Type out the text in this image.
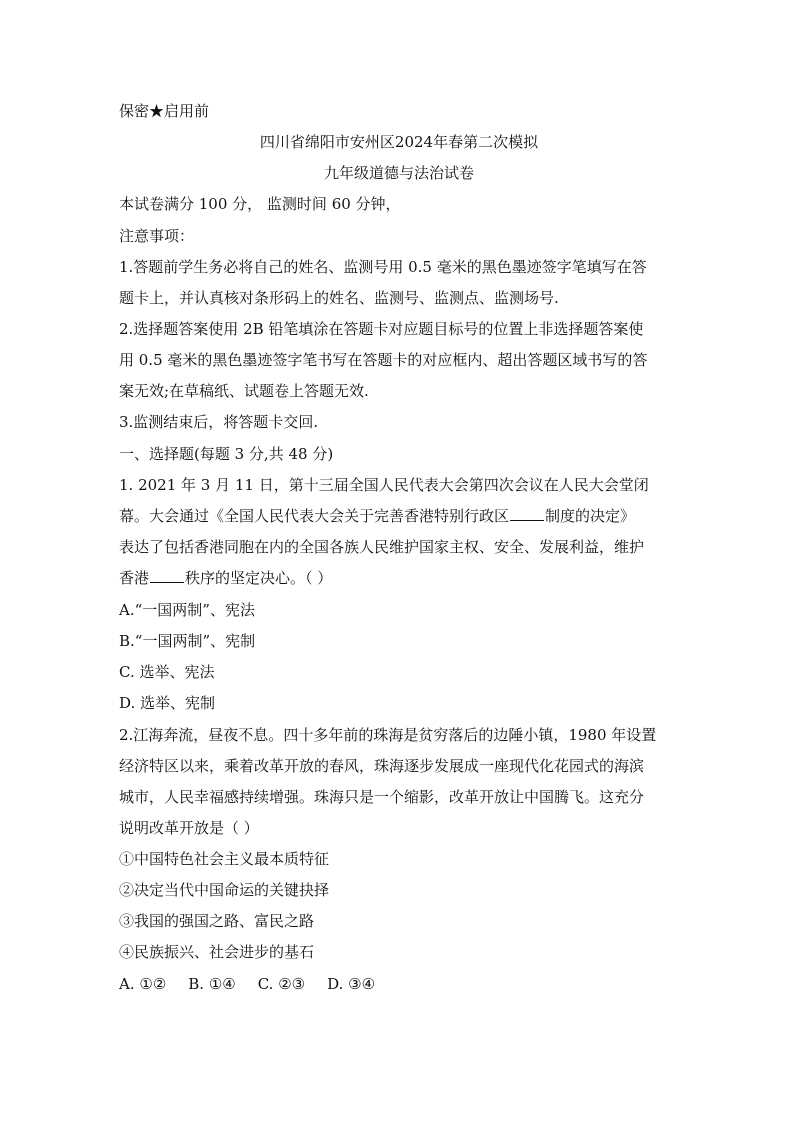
保密★启用前
四川省绵阳市安州区2024年春第二次模拟
九年级道德与法治试卷
本试卷满分 100 分， 监测时间 60 分钟，
注意事项：
1.答题前学生务必将自己的姓名、监测号用 0.5 毫米的黑色墨迹签字笔填写在答
题卡上，并认真核对条形码上的姓名、监测号、监测点、监测场号.
2.选择题答案使用 2B 铅笔填涂在答题卡对应题目标号的位置上非选择题答案使
用 0.5 毫米的黑色墨迹签字笔书写在答题卡的对应框内、超出答题区域书写的答
案无效;在草稿纸、试题卷上答题无效.
3.监测结束后，将答题卡交回.
一、选择题(每题 3 分,共 48 分)
1. 2021 年 3 月 11 日，第十三届全国人民代表大会第四次会议在人民大会堂闭
幕。大会通过《全国人民代表大会关于完善香港特别行政区 制度的决定》
表达了包括香港同胞在内的全国各族人民维护国家主权、安全、发展利益，维护
香港 秩序的坚定决心。（ ）
A.“一国两制”、宪法
B.“一国两制”、宪制
C. 选举、宪法
D. 选举、宪制
2.江海奔流，昼夜不息。四十多年前的珠海是贫穷落后的边陲小镇，1980 年设置
经济特区以来，乘着改革开放的春风，珠海逐步发展成一座现代化花园式的海滨
城市，人民幸福感持续增强。珠海只是一个缩影，改革开放让中国腾飞。这充分
说明改革开放是（ ）
①中国特色社会主义最本质特征
②决定当代中国命运的关键抉择
③我国的强国之路、富民之路
④民族振兴、社会进步的基石
A. ①② B. ①④ C. ②③ D. ③④
